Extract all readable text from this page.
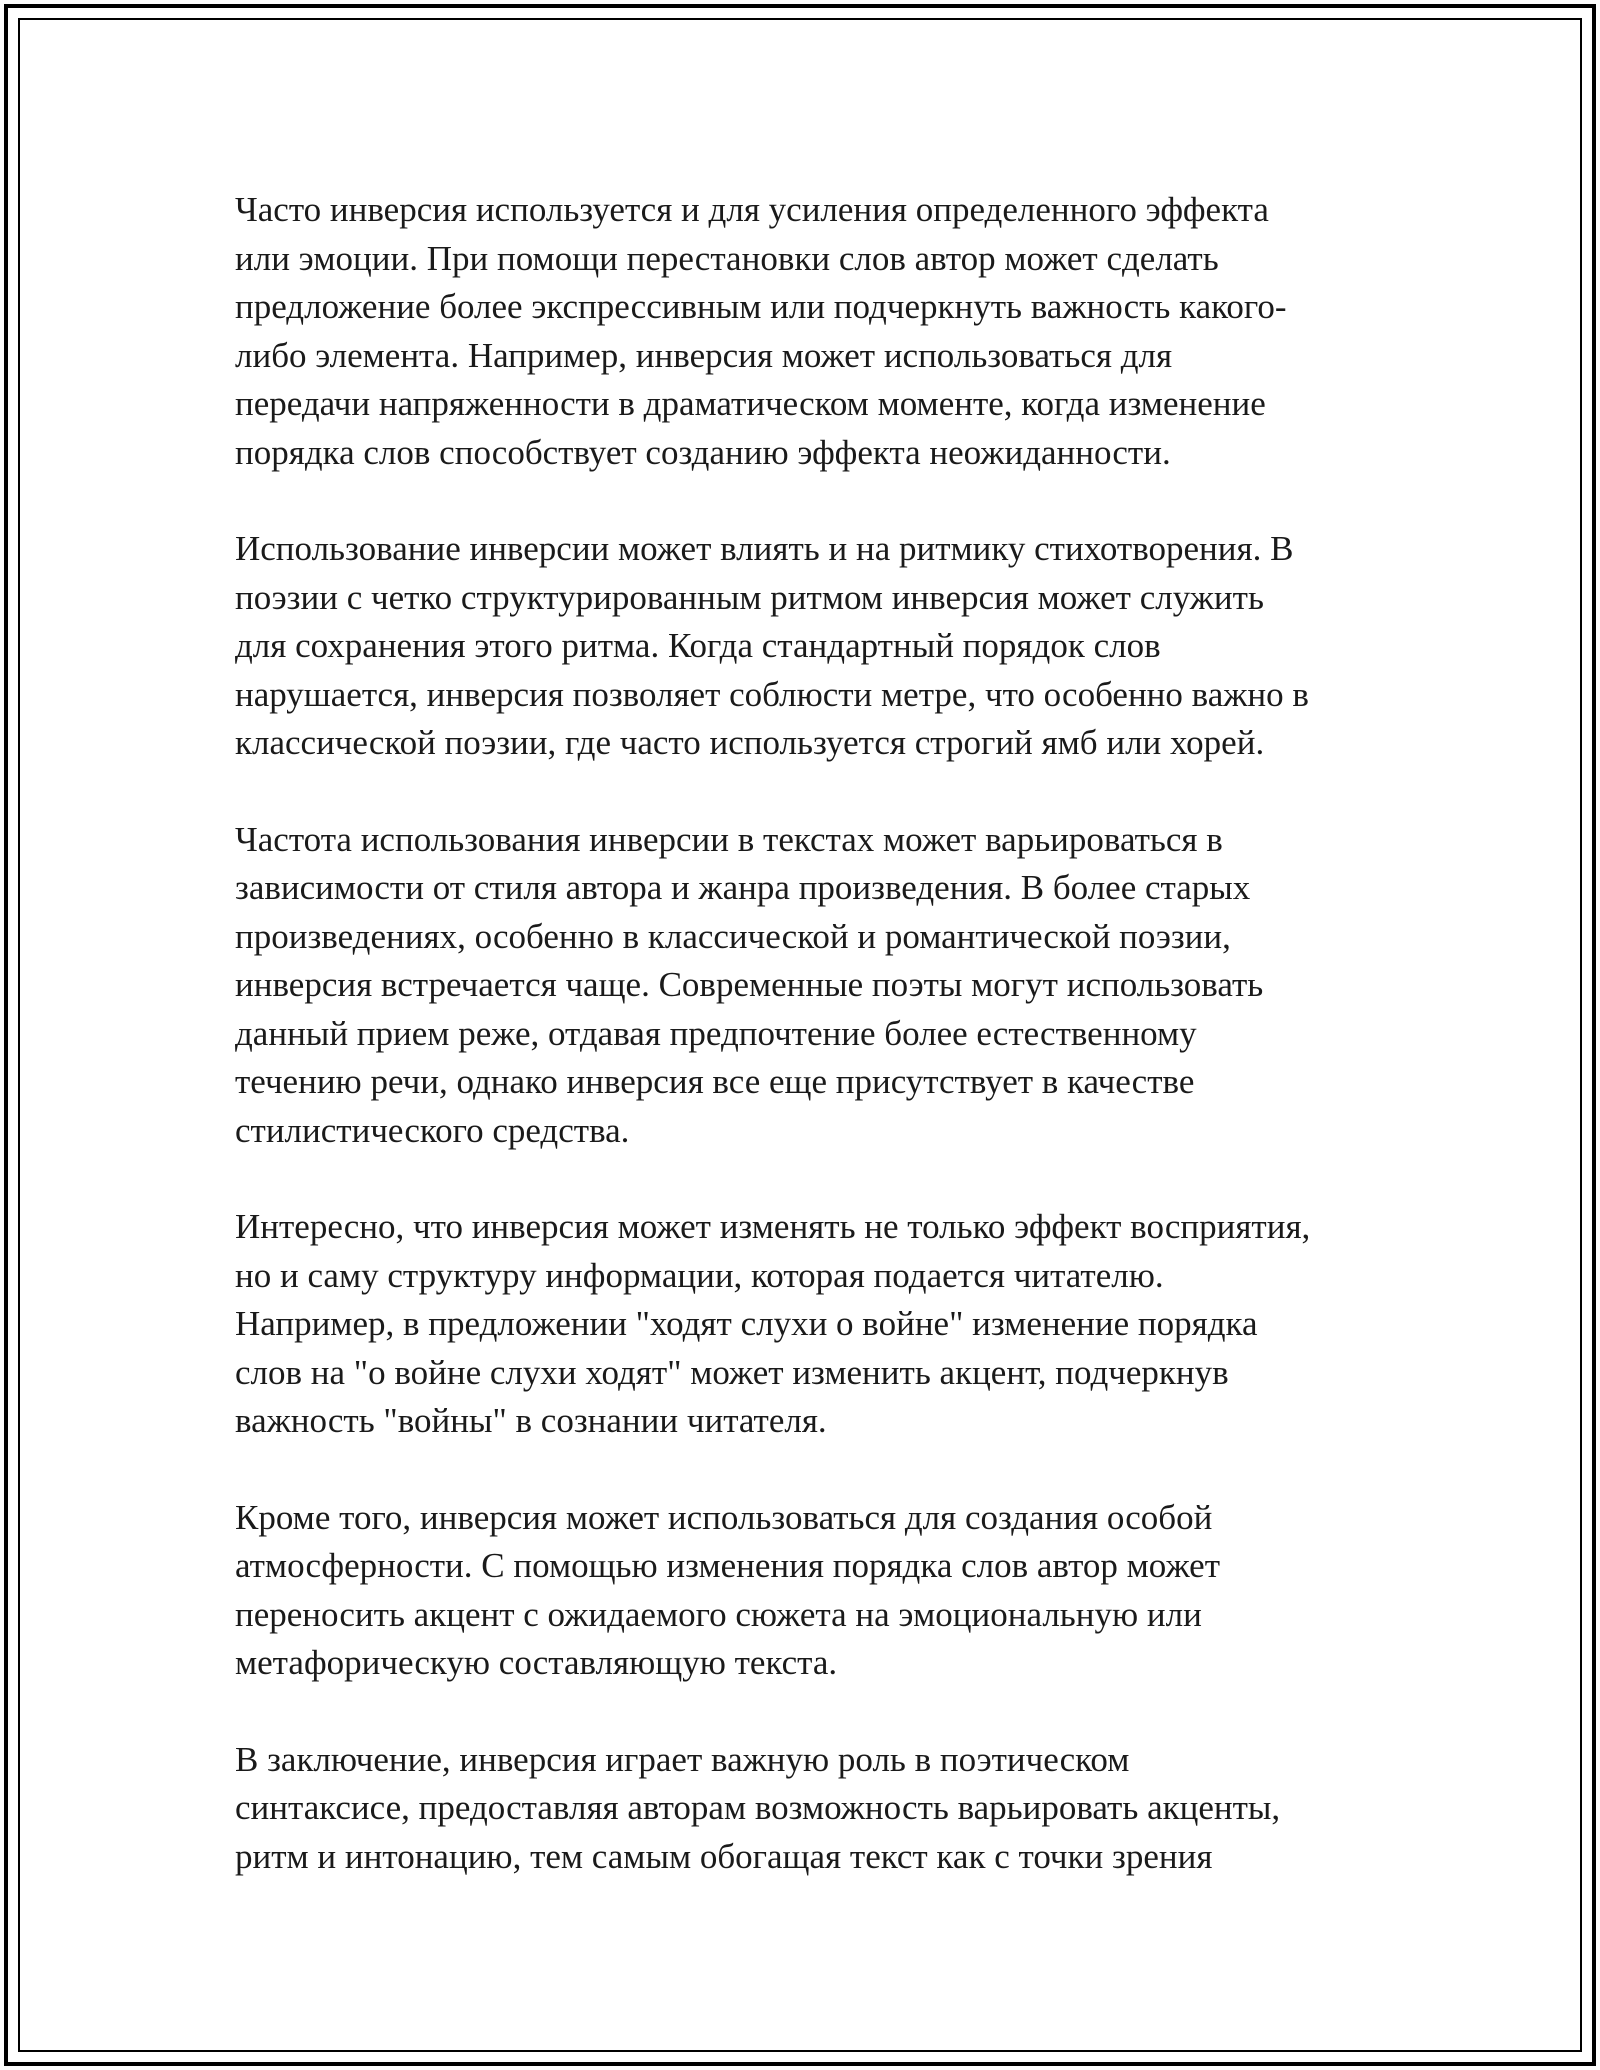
Часто инверсия используется и для усиления определенного эффекта
или эмоции. При помощи перестановки слов автор может сделать
предложение более экспрессивным или подчеркнуть важность какого-
либо элемента. Например, инверсия может использоваться для
передачи напряженности в драматическом моменте, когда изменение
порядка слов способствует созданию эффекта неожиданности.

Использование инверсии может влиять и на ритмику стихотворения. В
поэзии с четко структурированным ритмом инверсия может служить
для сохранения этого ритма. Когда стандартный порядок слов
нарушается, инверсия позволяет соблюсти метре, что особенно важно в
классической поэзии, где часто используется строгий ямб или хорей.

Частота использования инверсии в текстах может варьироваться в
зависимости от стиля автора и жанра произведения. В более старых
произведениях, особенно в классической и романтической поэзии,
инверсия встречается чаще. Современные поэты могут использовать
данный прием реже, отдавая предпочтение более естественному
течению речи, однако инверсия все еще присутствует в качестве
стилистического средства.

Интересно, что инверсия может изменять не только эффект восприятия,
но и саму структуру информации, которая подается читателю.
Например, в предложении "ходят слухи о войне" изменение порядка
слов на "о войне слухи ходят" может изменить акцент, подчеркнув
важность "войны" в сознании читателя.

Кроме того, инверсия может использоваться для создания особой
атмосферности. С помощью изменения порядка слов автор может
переносить акцент с ожидаемого сюжета на эмоциональную или
метафорическую составляющую текста.

В заключение, инверсия играет важную роль в поэтическом
синтаксисе, предоставляя авторам возможность варьировать акценты,
ритм и интонацию, тем самым обогащая текст как с точки зрения
